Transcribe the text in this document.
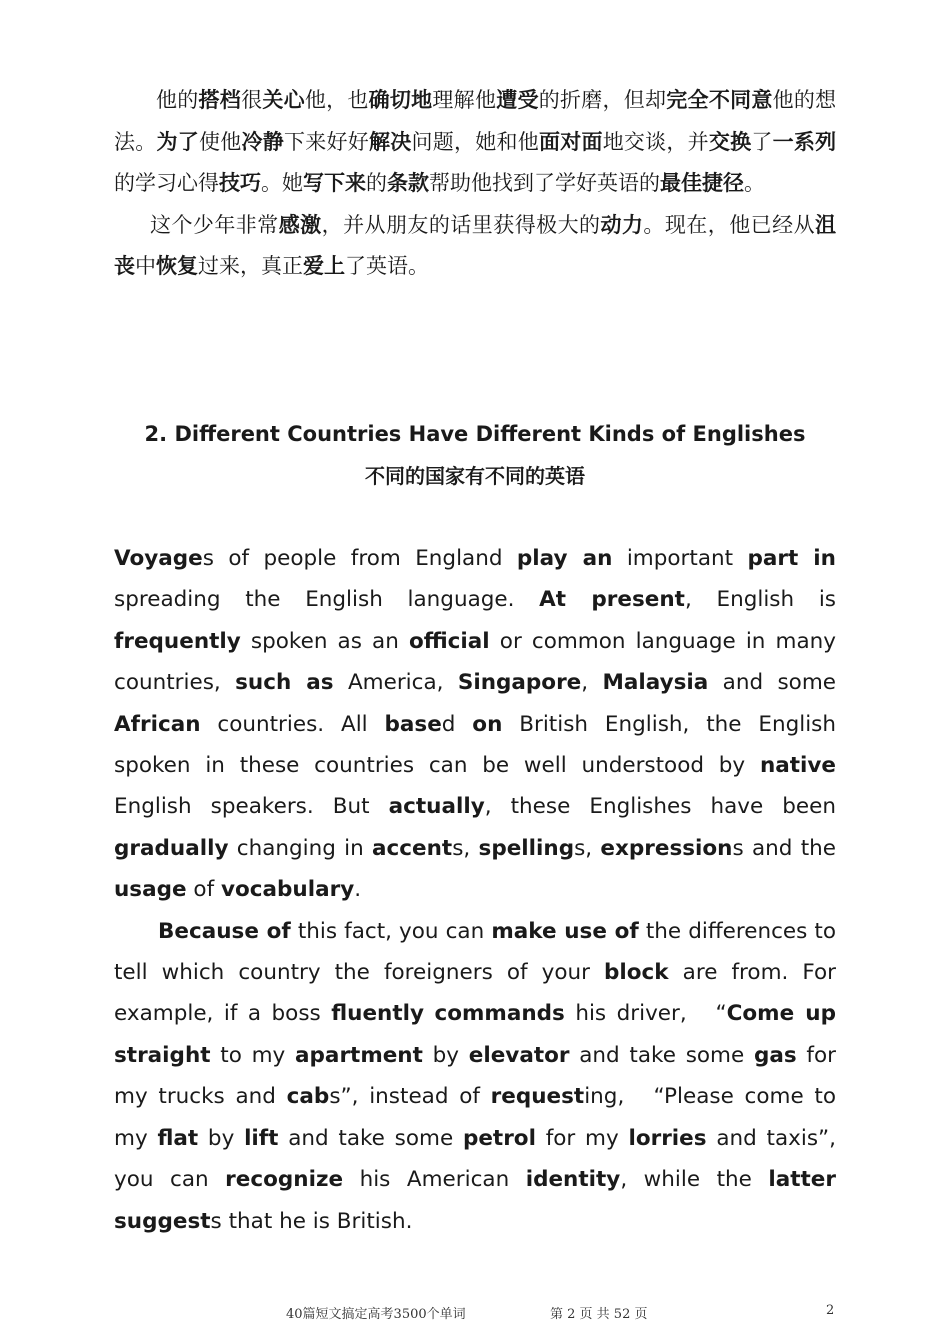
他的搭档很关心他，也确切地理解他遭受的折磨，但却完全不同意他的想法。为了使他冷静下来好好解决问题，她和他面对面地交谈，并交换了一系列的学习心得技巧。她写下来的条款帮助他找到了学好英语的最佳捷径。

这个少年非常感激，并从朋友的话里获得极大的动力。现在，他已经从沮丧中恢复过来，真正爱上了英语。

2. Different Countries Have Different Kinds of Englishes
不同的国家有不同的英语

Voyages of people from England play an important part in spreading the English language. At present, English is frequently spoken as an official or common language in many countries, such as America, Singapore, Malaysia and some African countries. All based on British English, the English spoken in these countries can be well understood by native English speakers. But actually, these Englishes have been gradually changing in accents, spellings, expressions and the usage of vocabulary.

Because of this fact, you can make use of the differences to tell which country the foreigners of your block are from. For example, if a boss fluently commands his driver,　“Come up straight to my apartment by elevator and take some gas for my trucks and cabs”, instead of requesting,　“Please come to my flat by lift and take some petrol for my lorries and taxis”, you can recognize his American identity, while the latter suggests that he is British.

40篇短文搞定高考3500个单词	第 2 页 共 52 页	2
